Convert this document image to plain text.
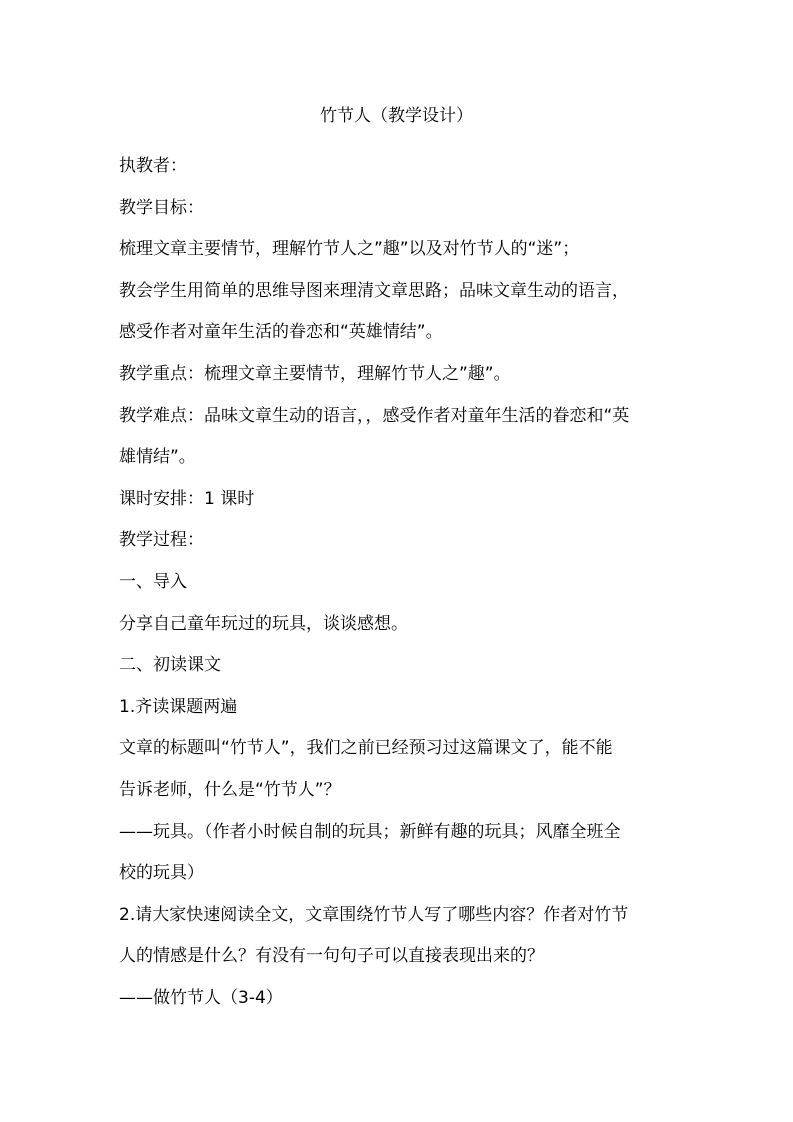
竹节人（教学设计）

执教者：

教学目标：

梳理文章主要情节，理解竹节人之”趣”以及对竹节人的“迷”；

教会学生用简单的思维导图来理清文章思路；品味文章生动的语言，

感受作者对童年生活的眷恋和“英雄情结”。

教学重点：梳理文章主要情节，理解竹节人之”趣”。

教学难点：品味文章生动的语言，，感受作者对童年生活的眷恋和“英

雄情结”。

课时安排：1 课时

教学过程：

一、导入

分享自己童年玩过的玩具，谈谈感想。

二、初读课文

1.齐读课题两遍

文章的标题叫“竹节人”，我们之前已经预习过这篇课文了，能不能

告诉老师，什么是“竹节人”？

——玩具。（作者小时候自制的玩具；新鲜有趣的玩具；风靡全班全

校的玩具）

2.请大家快速阅读全文，文章围绕竹节人写了哪些内容？作者对竹节

人的情感是什么？有没有一句句子可以直接表现出来的？

——做竹节人（3-4）
